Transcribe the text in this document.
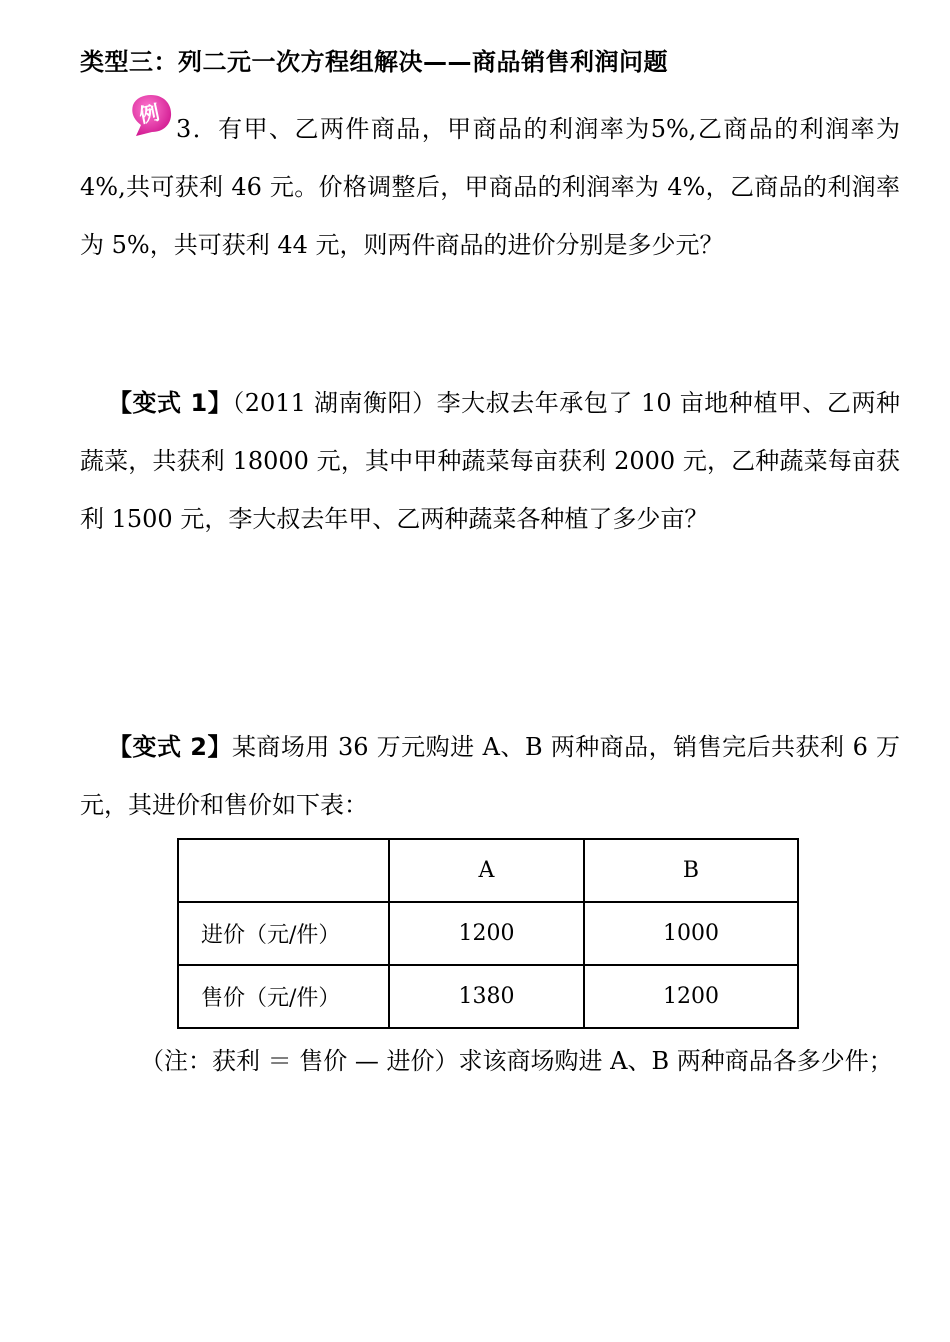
类型三：列二元一次方程组解决——商品销售利润问题
例

3．有甲、乙两件商品，甲商品的利润率为5%,乙商品的利润率为4%,共可获利 46 元。价格调整后，甲商品的利润率为 4%，乙商品的利润率为 5%，共可获利 44 元，则两件商品的进价分别是多少元？

【变式 1】（2011 湖南衡阳）李大叔去年承包了 10 亩地种植甲、乙两种蔬菜，共获利 18000 元，其中甲种蔬菜每亩获利 2000 元，乙种蔬菜每亩获利 1500 元，李大叔去年甲、乙两种蔬菜各种植了多少亩？

【变式 2】某商场用 36 万元购进 A、B 两种商品，销售完后共获利 6 万元，其进价和售价如下表：

	A	B
进价（元/件）	1200	1000
售价（元/件）	1380	1200
（注：获利 ＝ 售价 — 进价）求该商场购进 A、B 两种商品各多少件；
